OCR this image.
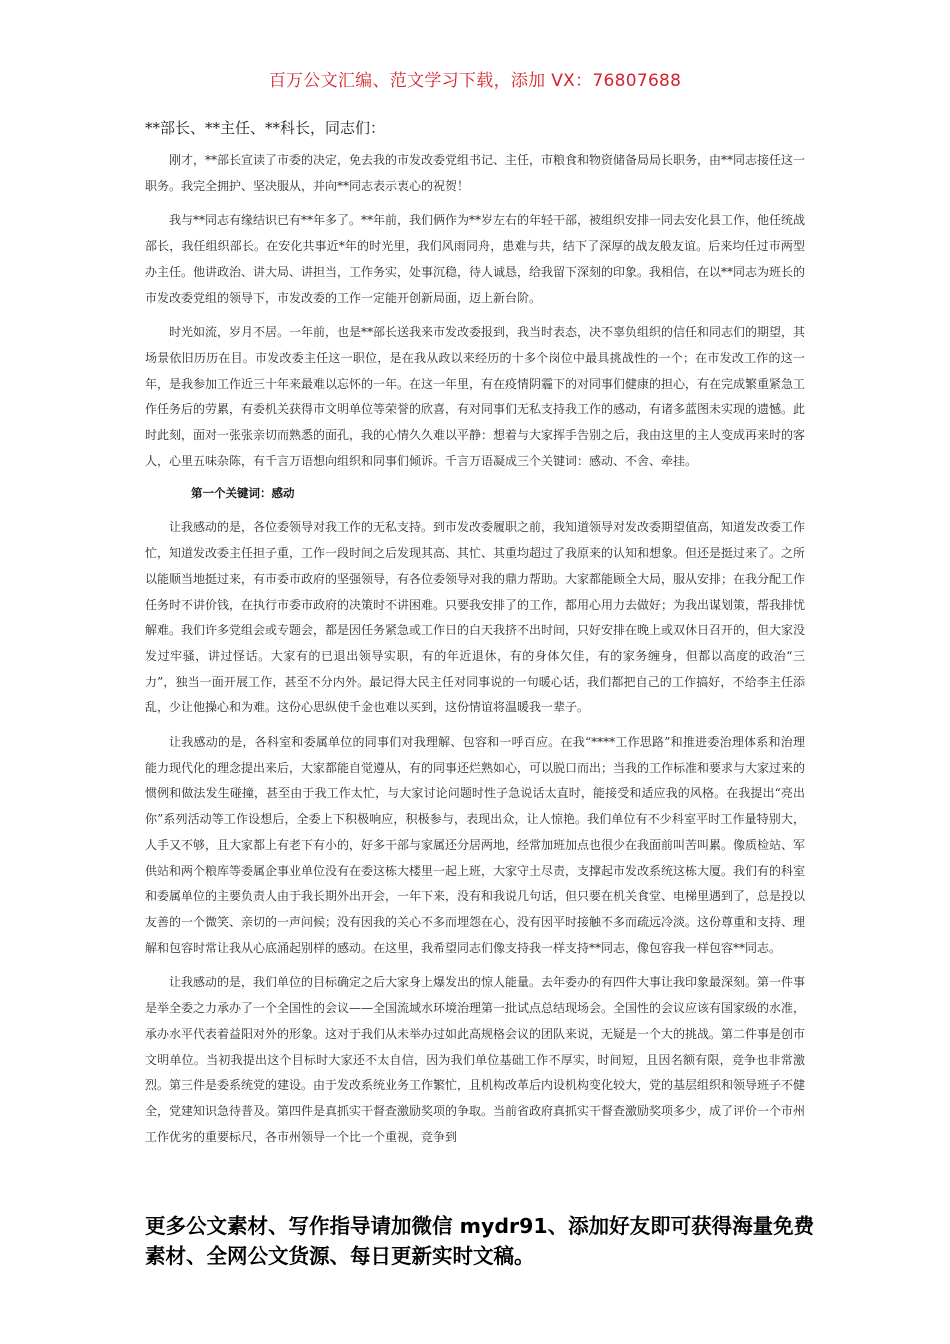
百万公文汇编、范文学习下载，添加 VX：76807688
**部长、**主任、**科长，同志们：

刚才，**部长宣读了市委的决定，免去我的市发改委党组书记、主任，市粮食和物资储备局局长职务，由**同志接任这一职务。我完全拥护、坚决服从，并向**同志表示衷心的祝贺！

我与**同志有缘结识已有**年多了。**年前，我们俩作为**岁左右的年轻干部，被组织安排一同去安化县工作，他任统战部长，我任组织部长。在安化共事近*年的时光里，我们风雨同舟，患难与共，结下了深厚的战友般友谊。后来均任过市两型办主任。他讲政治、讲大局、讲担当，工作务实，处事沉稳，待人诚恳，给我留下深刻的印象。我相信，在以**同志为班长的市发改委党组的领导下，市发改委的工作一定能开创新局面，迈上新台阶。

时光如流，岁月不居。一年前，也是**部长送我来市发改委报到，我当时表态，决不辜负组织的信任和同志们的期望，其场景依旧历历在目。市发改委主任这一职位，是在我从政以来经历的十多个岗位中最具挑战性的一个；在市发改工作的这一年，是我参加工作近三十年来最难以忘怀的一年。在这一年里，有在疫情阴霾下的对同事们健康的担心，有在完成繁重紧急工作任务后的劳累，有委机关获得市文明单位等荣誉的欣喜，有对同事们无私支持我工作的感动，有诸多蓝图未实现的遗憾。此时此刻，面对一张张亲切而熟悉的面孔，我的心情久久难以平静：想着与大家挥手告别之后，我由这里的主人变成再来时的客人，心里五味杂陈，有千言万语想向组织和同事们倾诉。千言万语凝成三个关键词：感动、不舍、牵挂。

第一个关键词：感动

让我感动的是，各位委领导对我工作的无私支持。到市发改委履职之前，我知道领导对发改委期望值高，知道发改委工作忙，知道发改委主任担子重，工作一段时间之后发现其高、其忙、其重均超过了我原来的认知和想象。但还是挺过来了。之所以能顺当地挺过来，有市委市政府的坚强领导，有各位委领导对我的鼎力帮助。大家都能顾全大局，服从安排；在我分配工作任务时不讲价钱，在执行市委市政府的决策时不讲困难。只要我安排了的工作，都用心用力去做好；为我出谋划策，帮我排忧解难。我们许多党组会或专题会，都是因任务紧急或工作日的白天我挤不出时间，只好安排在晚上或双休日召开的，但大家没发过牢骚，讲过怪话。大家有的已退出领导实职，有的年近退休，有的身体欠佳，有的家务缠身，但都以高度的政治“三力”，独当一面开展工作，甚至不分内外。最记得大民主任对同事说的一句暖心话，我们都把自己的工作搞好，不给李主任添乱，少让他操心和为难。这份心思纵使千金也难以买到，这份情谊将温暖我一辈子。

让我感动的是，各科室和委属单位的同事们对我理解、包容和一呼百应。在我“****工作思路”和推进委治理体系和治理能力现代化的理念提出来后，大家都能自觉遵从，有的同事还烂熟如心，可以脱口而出；当我的工作标准和要求与大家过来的惯例和做法发生碰撞，甚至由于我工作太忙，与大家讨论问题时性子急说话太直时，能接受和适应我的风格。在我提出“亮出你”系列活动等工作设想后，全委上下积极响应，积极参与，表现出众，让人惊艳。我们单位有不少科室平时工作量特别大，人手又不够，且大家都上有老下有小的，好多干部与家属还分居两地，经常加班加点也很少在我面前叫苦叫累。像质检站、军供站和两个粮库等委属企事业单位没有在委这栋大楼里一起上班，大家守土尽责，支撑起市发改系统这栋大厦。我们有的科室和委属单位的主要负责人由于我长期外出开会，一年下来，没有和我说几句话，但只要在机关食堂、电梯里遇到了，总是投以友善的一个微笑、亲切的一声问候；没有因我的关心不多而埋怨在心，没有因平时接触不多而疏远冷淡。这份尊重和支持、理解和包容时常让我从心底涌起别样的感动。在这里，我希望同志们像支持我一样支持**同志，像包容我一样包容**同志。

让我感动的是，我们单位的目标确定之后大家身上爆发出的惊人能量。去年委办的有四件大事让我印象最深刻。第一件事是举全委之力承办了一个全国性的会议——全国流域水环境治理第一批试点总结现场会。全国性的会议应该有国家级的水准，承办水平代表着益阳对外的形象。这对于我们从未举办过如此高规格会议的团队来说，无疑是一个大的挑战。第二件事是创市文明单位。当初我提出这个目标时大家还不太自信，因为我们单位基础工作不厚实，时间短，且因名额有限，竞争也非常激烈。第三件是委系统党的建设。由于发改系统业务工作繁忙，且机构改革后内设机构变化较大，党的基层组织和领导班子不健全，党建知识急待普及。第四件是真抓实干督查激励奖项的争取。当前省政府真抓实干督查激励奖项多少，成了评价一个市州工作优劣的重要标尺，各市州领导一个比一个重视，竞争到

更多公文素材、写作指导请加微信 mydr91、添加好友即可获得海量免费素材、全网公文货源、每日更新实时文稿。
